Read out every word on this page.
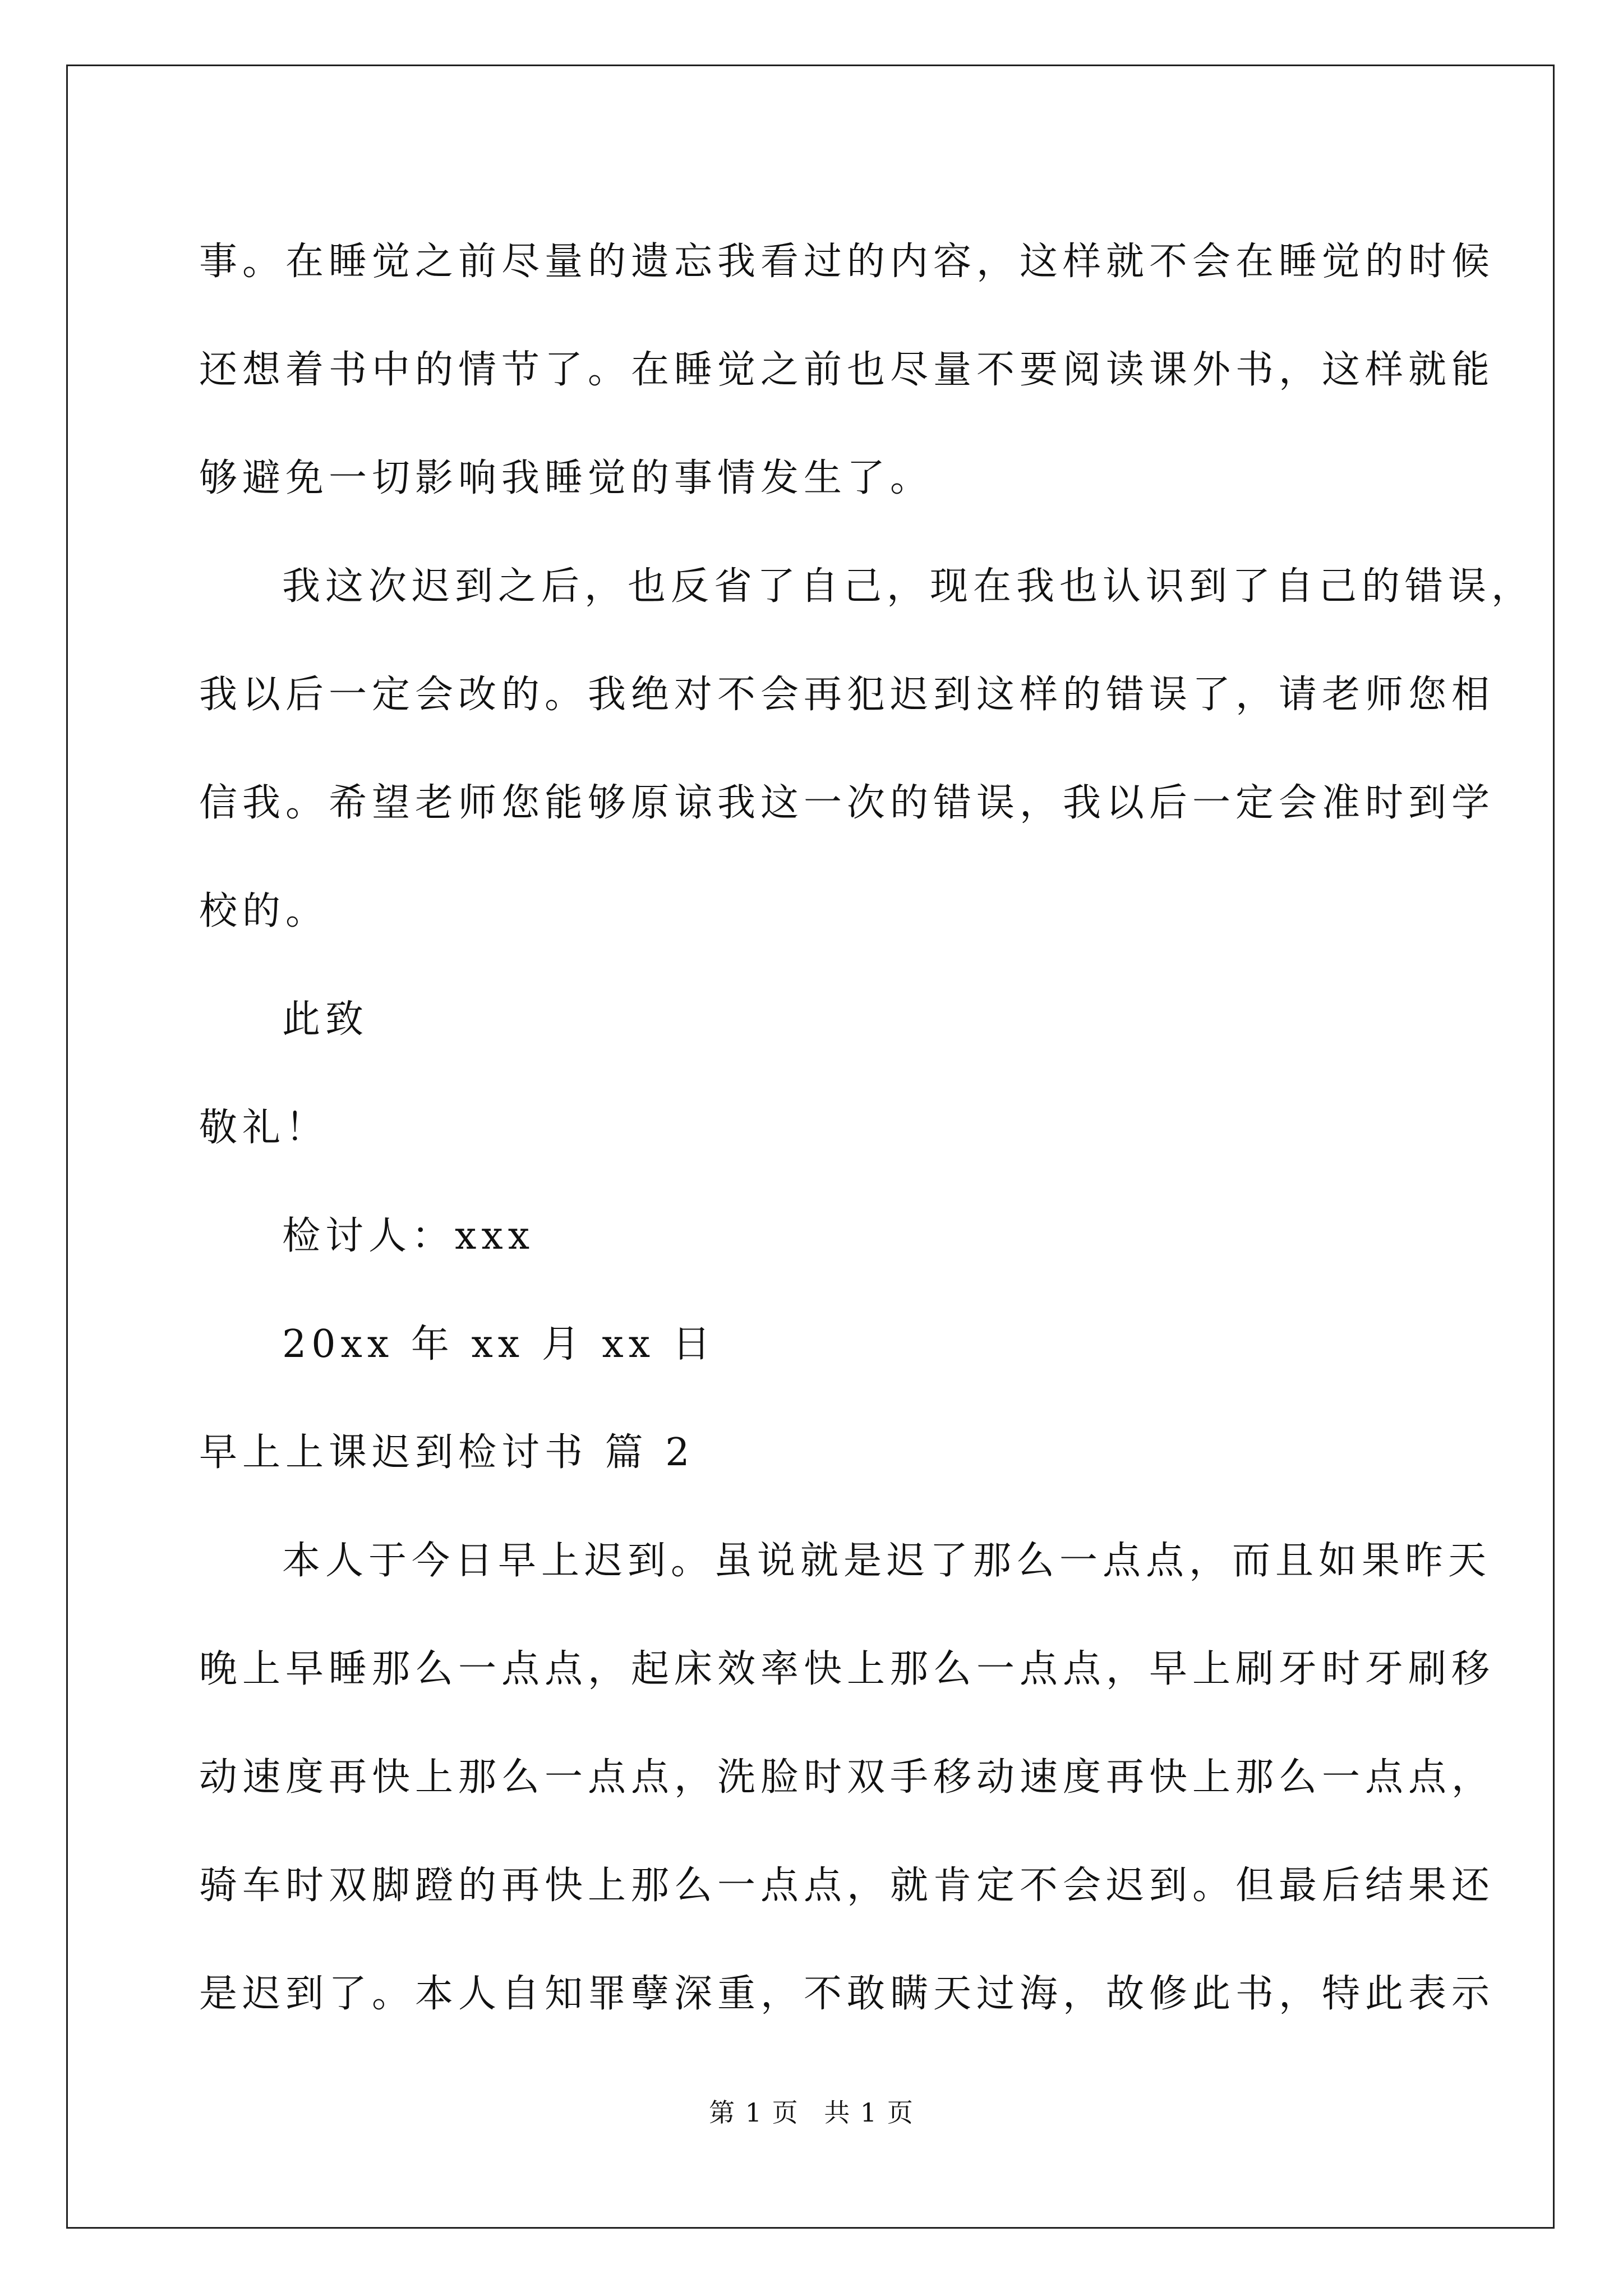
事。在睡觉之前尽量的遗忘我看过的内容，这样就不会在睡觉的时候

还想着书中的情节了。在睡觉之前也尽量不要阅读课外书，这样就能

够避免一切影响我睡觉的事情发生了。

我这次迟到之后，也反省了自己，现在我也认识到了自己的错误，

我以后一定会改的。我绝对不会再犯迟到这样的错误了，请老师您相

信我。希望老师您能够原谅我这一次的错误，我以后一定会准时到学

校的。

此致

敬礼！

检讨人：xxx

20xx 年 xx 月 xx 日

早上上课迟到检讨书 篇 2

本人于今日早上迟到。虽说就是迟了那么一点点，而且如果昨天

晚上早睡那么一点点，起床效率快上那么一点点，早上刷牙时牙刷移

动速度再快上那么一点点，洗脸时双手移动速度再快上那么一点点，

骑车时双脚蹬的再快上那么一点点，就肯定不会迟到。但最后结果还

是迟到了。本人自知罪孽深重，不敢瞒天过海，故修此书，特此表示

第 1 页 共 1 页
